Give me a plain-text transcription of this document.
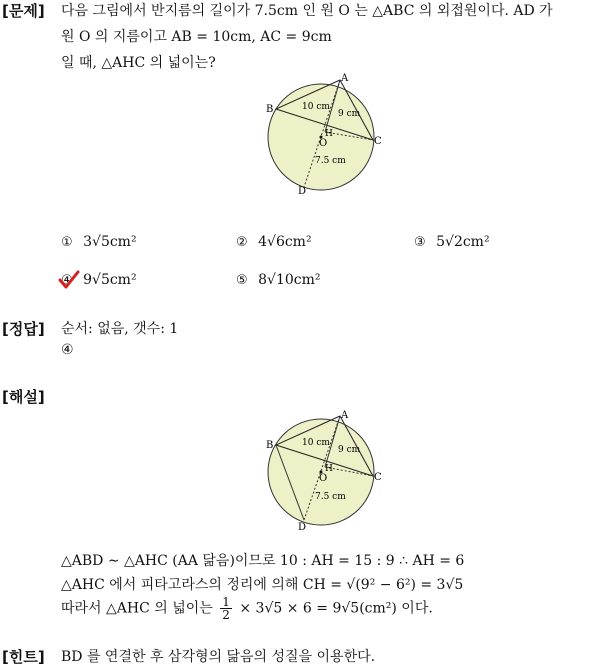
[문제] 다음 그림에서 반지름의 길이가 7.5cm 인 원 O 는 △ABC 의 외접원이다. AD 가
원 O 의 지름이고 AB = 10cm, AC = 9cm
일 때, △AHC 의 넓이는?
A
B
C
D
O
H
10 cm
9 cm
7.5 cm
① 3√5cm²	② 4√6cm²	③ 5√2cm²
④ 9√5cm²	⑤ 8√10cm²
[정답] 순서: 없음, 갯수: 1
④
[해설]
A
B
C
D
O
H
10 cm
9 cm
7.5 cm
△ABD ∼ △AHC (AA 닮음)이므로 10 : AH = 15 : 9 ∴ AH = 6
△AHC 에서 피타고라스의 정리에 의해 CH = √(9² − 6²) = 3√5
따라서 △AHC 의 넓이는 $\frac{1}{2} \times 3√5 \times 6 = 9√5(cm^2)$ 이다.
[힌트] BD 를 연결한 후 삼각형의 닮음의 성질을 이용한다.
